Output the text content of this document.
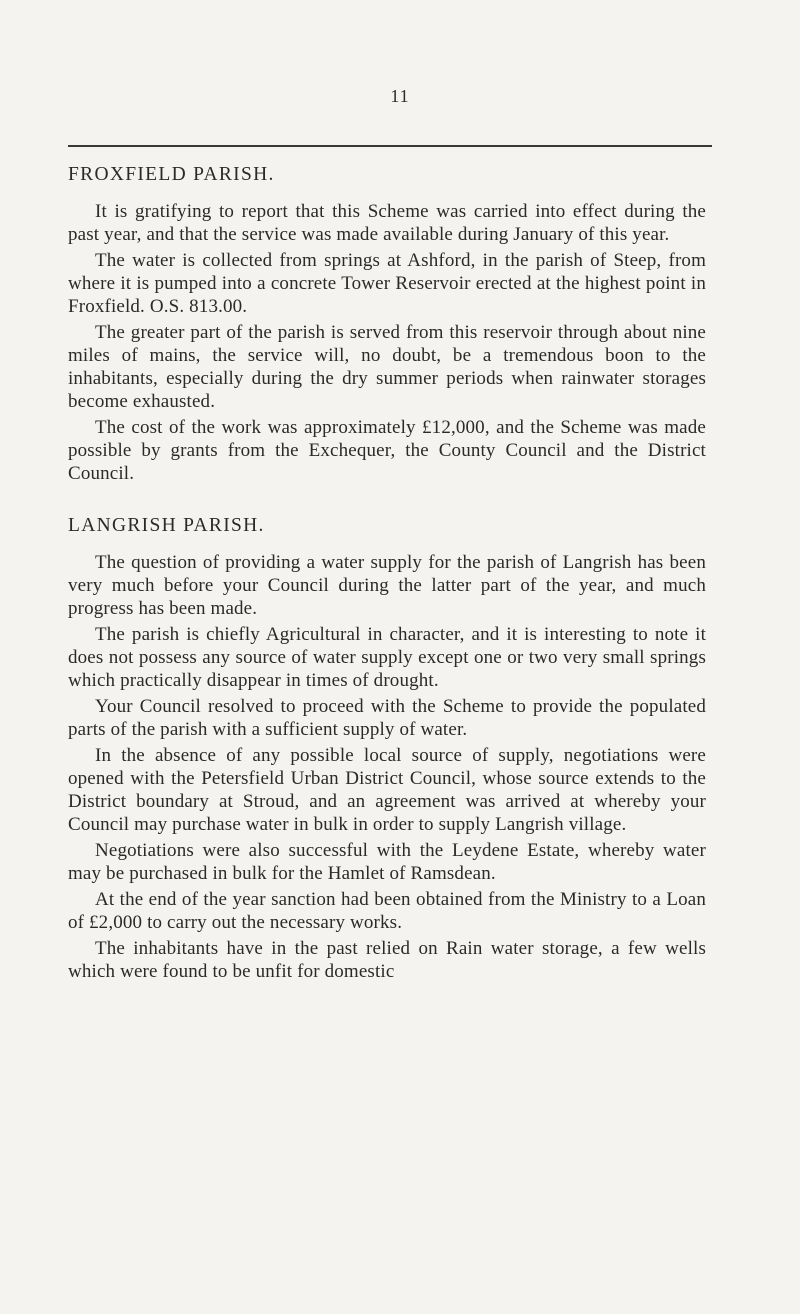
11
FROXFIELD PARISH.

It is gratifying to report that this Scheme was carried into effect during the past year, and that the service was made available during January of this year.

The water is collected from springs at Ashford, in the parish of Steep, from where it is pumped into a concrete Tower Reservoir erected at the highest point in Froxfield. O.S. 813.00.

The greater part of the parish is served from this reservoir through about nine miles of mains, the service will, no doubt, be a tremendous boon to the inhabitants, especially during the dry summer periods when rainwater storages become exhausted.

The cost of the work was approximately £12,000, and the Scheme was made possible by grants from the Exchequer, the County Council and the District Council.

LANGRISH PARISH.

The question of providing a water supply for the parish of Langrish has been very much before your Council during the latter part of the year, and much progress has been made.

The parish is chiefly Agricultural in character, and it is interesting to note it does not possess any source of water supply except one or two very small springs which practically disappear in times of drought.

Your Council resolved to proceed with the Scheme to provide the populated parts of the parish with a sufficient supply of water.

In the absence of any possible local source of supply, negotiations were opened with the Petersfield Urban District Council, whose source extends to the District boundary at Stroud, and an agreement was arrived at whereby your Council may purchase water in bulk in order to supply Langrish village.

Negotiations were also successful with the Leydene Estate, whereby water may be purchased in bulk for the Hamlet of Ramsdean.

At the end of the year sanction had been obtained from the Ministry to a Loan of £2,000 to carry out the necessary works.

The inhabitants have in the past relied on Rain water storage, a few wells which were found to be unfit for domestic
